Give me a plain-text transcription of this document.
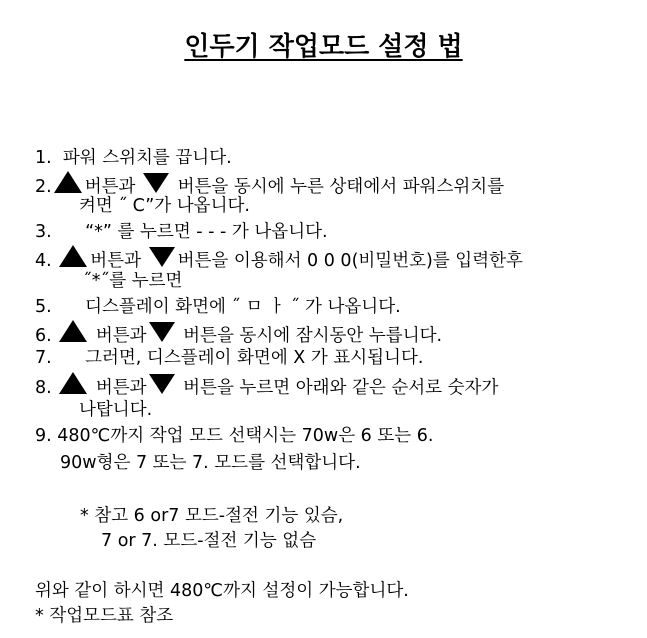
인두기 작업모드 설정 법
1. 파워 스위치를 끕니다.
2. 버튼과 버튼을 동시에 누른 상태에서 파워스위치를
켜면 ˝ C”가 나옵니다.
3. “*” 를 누르면 - - - 가 나옵니다.
4. 버튼과 버튼을 이용해서 0 0 0(비밀번호)를 입력한후
˝*˝를 누르면
5. 디스플레이 화면에 ˝ ㅁ ㅏ ˝ 가 나옵니다.
6.	버튼과 버튼을 동시에 잠시동안 누릅니다.
7. 그러면, 디스플레이 화면에 X 가 표시됩니다.
8.	버튼과 버튼을 누르면 아래와 같은 순서로 숫자가
나탑니다.
9. 480℃까지 작업 모드 선택시는 70w은 6 또는 6.
90w형은 7 또는 7. 모드를 선택합니다.
* 참고 6 or7 모드-절전 기능 있슴,
7 or 7. 모드-절전 기능 없슴
위와 같이 하시면 480℃까지 설정이 가능합니다.
* 작업모드표 참조
